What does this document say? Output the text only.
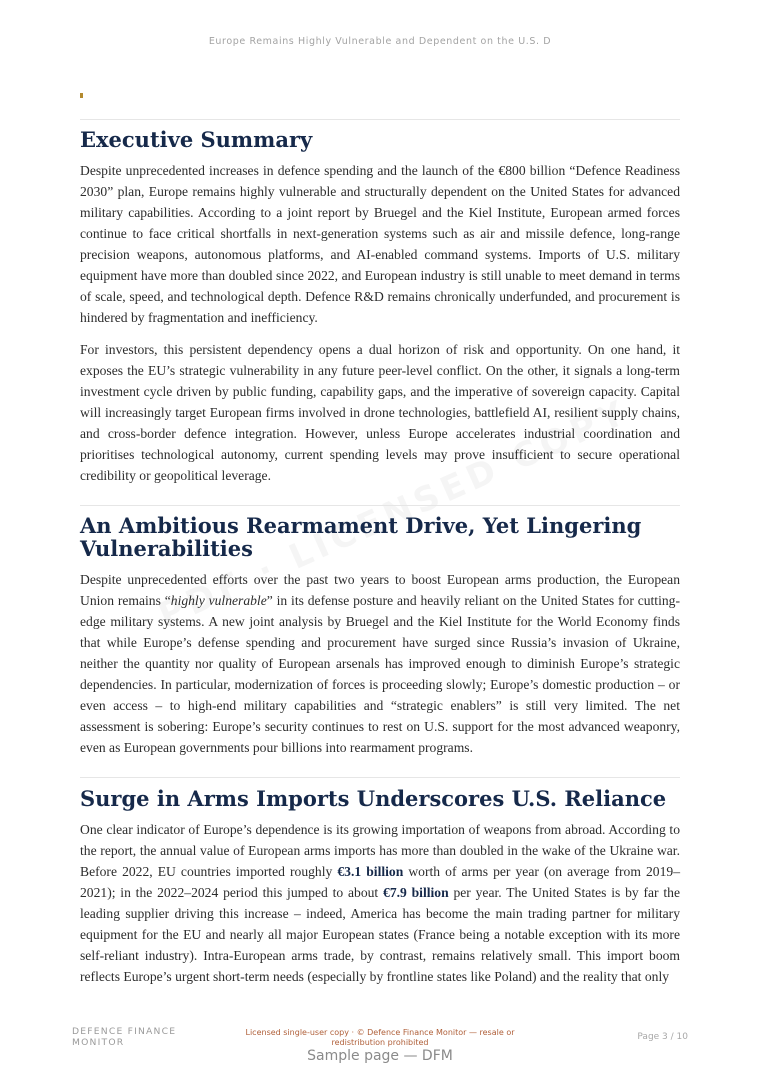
Europe Remains Highly Vulnerable and Dependent on the U.S. D
Executive Summary

Despite unprecedented increases in defence spending and the launch of the €800 billion “Defence Readiness 2030” plan, Europe remains highly vulnerable and structurally dependent on the United States for advanced military capabilities. According to a joint report by Bruegel and the Kiel Institute, European armed forces continue to face critical shortfalls in next-generation systems such as air and missile defence, long-range precision weapons, autonomous platforms, and AI-enabled command systems. Imports of U.S. military equipment have more than doubled since 2022, and European industry is still unable to meet demand in terms of scale, speed, and technological depth. Defence R&D remains chronically underfunded, and procurement is hindered by fragmentation and inefficiency.

For investors, this persistent dependency opens a dual horizon of risk and opportunity. On one hand, it exposes the EU’s strategic vulnerability in any future peer-level conflict. On the other, it signals a long-term investment cycle driven by public funding, capability gaps, and the imperative of sovereign capacity. Capital will increasingly target European firms involved in drone technologies, battlefield AI, resilient supply chains, and cross-border defence integration. However, unless Europe accelerates industrial coordination and prioritises technological autonomy, current spending levels may prove insufficient to secure operational credibility or geopolitical leverage.

An Ambitious Rearmament Drive, Yet Lingering Vulnerabilities

Despite unprecedented efforts over the past two years to boost European arms production, the European Union remains “highly vulnerable” in its defense posture and heavily reliant on the United States for cutting-edge military systems. A new joint analysis by Bruegel and the Kiel Institute for the World Economy finds that while Europe’s defense spending and procurement have surged since Russia’s invasion of Ukraine, neither the quantity nor quality of European arsenals has improved enough to diminish Europe’s strategic dependencies. In particular, modernization of forces is proceeding slowly; Europe’s domestic production – or even access – to high-end military capabilities and “strategic enablers” is still very limited. The net assessment is sobering: Europe’s security continues to rest on U.S. support for the most advanced weaponry, even as European governments pour billions into rearmament programs.

Surge in Arms Imports Underscores U.S. Reliance

One clear indicator of Europe’s dependence is its growing importation of weapons from abroad. According to the report, the annual value of European arms imports has more than doubled in the wake of the Ukraine war. Before 2022, EU countries imported roughly €3.1 billion worth of arms per year (on average from 2019–2021); in the 2022–2024 period this jumped to about €7.9 billion per year. The United States is by far the leading supplier driving this increase – indeed, America has become the main trading partner for military equipment for the EU and nearly all major European states (France being a notable exception with its more self-reliant industry). Intra-European arms trade, by contrast, remains relatively small. This import boom reflects Europe’s urgent short-term needs (especially by frontline states like Poland) and the reality that only

DEFENCE FINANCE MONITOR
Licensed single-user copy · © Defence Finance Monitor — resale or redistribution prohibited
Page 3 / 10
Sample page — DFM
